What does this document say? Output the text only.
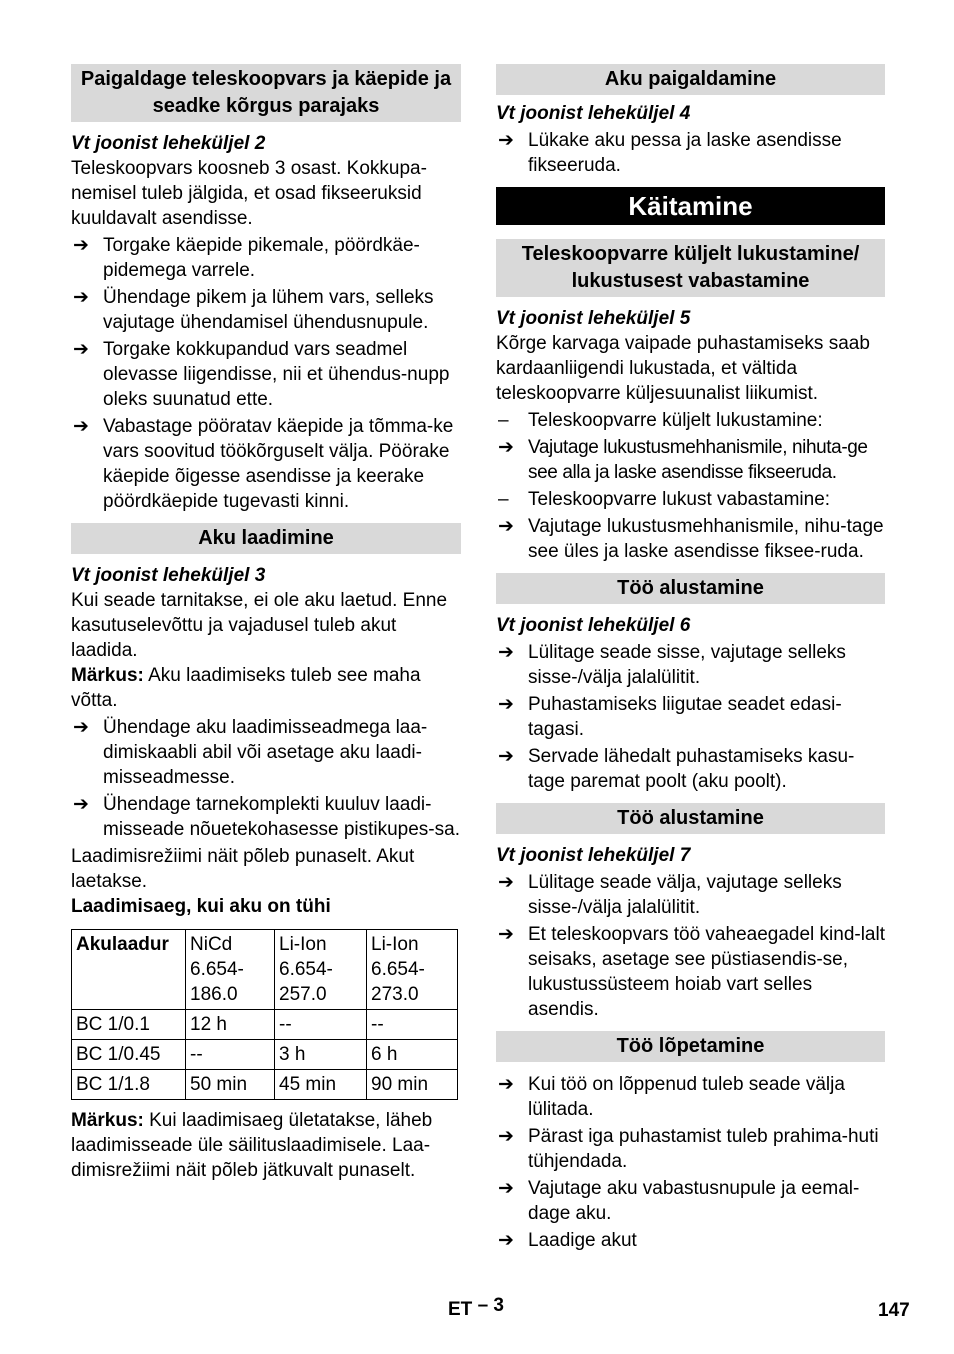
Paigaldage teleskoopvars ja käepide ja seadke kõrgus parajaks
Vt joonist leheküljel 2

Teleskoopvars koosneb 3 osast. Kokkupa-nemisel tuleb jälgida, et osad fikseeruksid kuuldavalt asendisse.

➔ Torgake käepide pikemale, pöördkäe-pidemega varrele.
➔ Ühendage pikem ja lühem vars, selleks vajutage ühendamisel ühendusnupule.
➔ Torgake kokkupandud vars seadmel olevasse liigendisse, nii et ühendus-nupp oleks suunatud ette.
➔ Vabastage pööratav käepide ja tõmma-ke vars soovitud töökõrguselt välja. Pöörake käepide õigesse asendisse ja keerake pöördkäepide tugevasti kinni.
Aku laadimine
Vt joonist leheküljel 3

Kui seade tarnitakse, ei ole aku laetud. Enne kasutuselevõttu ja vajadusel tuleb akut laadida.

Märkus: Aku laadimiseks tuleb see maha võtta.

➔ Ühendage aku laadimisseadmega laa-dimiskaabli abil või asetage aku laadi-misseadmesse.
➔ Ühendage tarnekomplekti kuuluv laadi-misseade nõuetekohasesse pistikupes-sa.

Laadimisrežiimi näit põleb punaselt. Akut laetakse.

Laadimisaeg, kui aku on tühi

Akulaadur	NiCd 6.654-186.0	Li-Ion 6.654-257.0	Li-Ion 6.654-273.0
BC 1/0.1	12 h	--	--
BC 1/0.45	--	3 h	6 h
BC 1/1.8	50 min	45 min	90 min

Märkus: Kui laadimisaeg ületatakse, läheb laadimisseade üle säilituslaadimisele. Laa-dimisrežiimi näit põleb jätkuvalt punaselt.

Aku paigaldamine
Vt joonist leheküljel 4
➔ Lükake aku pessa ja laske asendisse fikseeruda.
Käitamine
Teleskoopvarre küljelt lukustamine/ lukustusest vabastamine
Vt joonist leheküljel 5

Kõrge karvaga vaipade puhastamiseks saab kardaanliigendi lukustada, et vältida teleskoopvarre küljesuunalist liikumist.

– Teleskoopvarre küljelt lukustamine:
➔ Vajutage lukustusmehhanismile, nihuta-ge see alla ja laske asendisse fikseeruda.
– Teleskoopvarre lukust vabastamine:
➔ Vajutage lukustusmehhanismile, nihu-tage see üles ja laske asendisse fiksee-ruda.
Töö alustamine
Vt joonist leheküljel 6
➔ Lülitage seade sisse, vajutage selleks sisse-/välja jalalülitit.
➔ Puhastamiseks liigutae seadet edasi-tagasi.
➔ Servade lähedalt puhastamiseks kasu-tage paremat poolt (aku poolt).
Töö alustamine
Vt joonist leheküljel 7
➔ Lülitage seade välja, vajutage selleks sisse-/välja jalalülitit.
➔ Et teleskoopvars töö vaheaegadel kind-lalt seisaks, asetage see püstiasendis-se, lukustussüsteem hoiab vart selles asendis.
Töö lõpetamine
➔ Kui töö on lõppenud tuleb seade välja lülitada.
➔ Pärast iga puhastamist tuleb prahima-huti tühjendada.
➔ Vajutage aku vabastusnupule ja eemal-dage aku.
➔ Laadige akut
ET – 3	147
